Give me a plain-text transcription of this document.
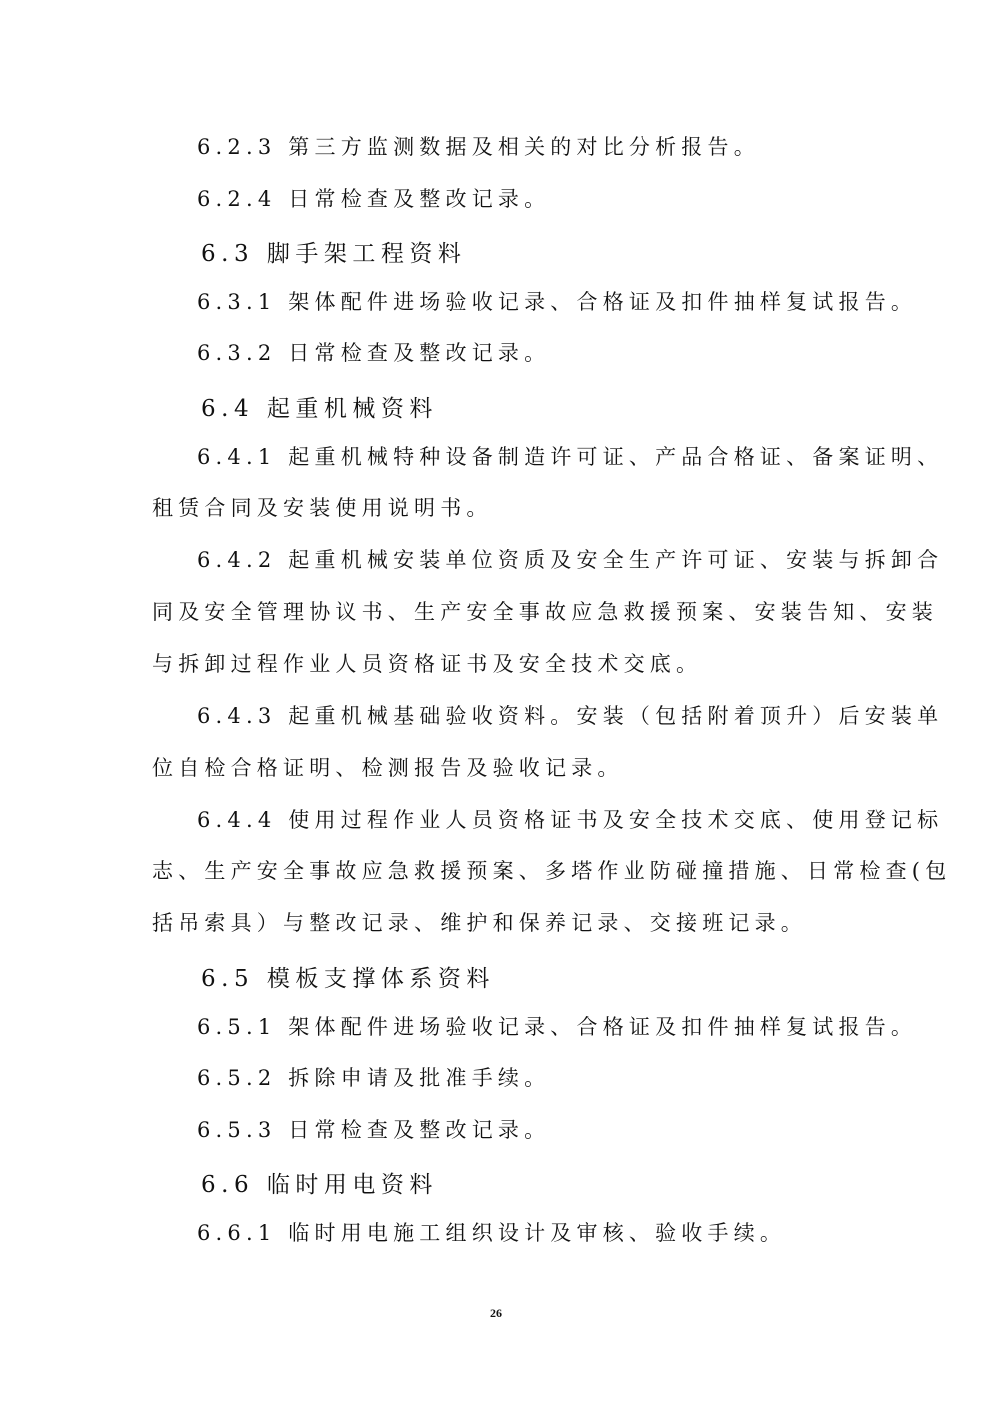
6.2.3 第三方监测数据及相关的对比分析报告。
6.2.4 日常检查及整改记录。
6.3 脚手架工程资料
6.3.1 架体配件进场验收记录、合格证及扣件抽样复试报告。
6.3.2 日常检查及整改记录。
6.4 起重机械资料
6.4.1 起重机械特种设备制造许可证、产品合格证、备案证明、
租赁合同及安装使用说明书。
6.4.2 起重机械安装单位资质及安全生产许可证、安装与拆卸合
同及安全管理协议书、生产安全事故应急救援预案、安装告知、安装
与拆卸过程作业人员资格证书及安全技术交底。
6.4.3 起重机械基础验收资料。安装（包括附着顶升）后安装单
位自检合格证明、检测报告及验收记录。
6.4.4 使用过程作业人员资格证书及安全技术交底、使用登记标
志、生产安全事故应急救援预案、多塔作业防碰撞措施、日常检查(包
括吊索具）与整改记录、维护和保养记录、交接班记录。
6.5 模板支撑体系资料
6.5.1 架体配件进场验收记录、合格证及扣件抽样复试报告。
6.5.2 拆除申请及批准手续。
6.5.3 日常检查及整改记录。
6.6 临时用电资料
6.6.1 临时用电施工组织设计及审核、验收手续。
26
